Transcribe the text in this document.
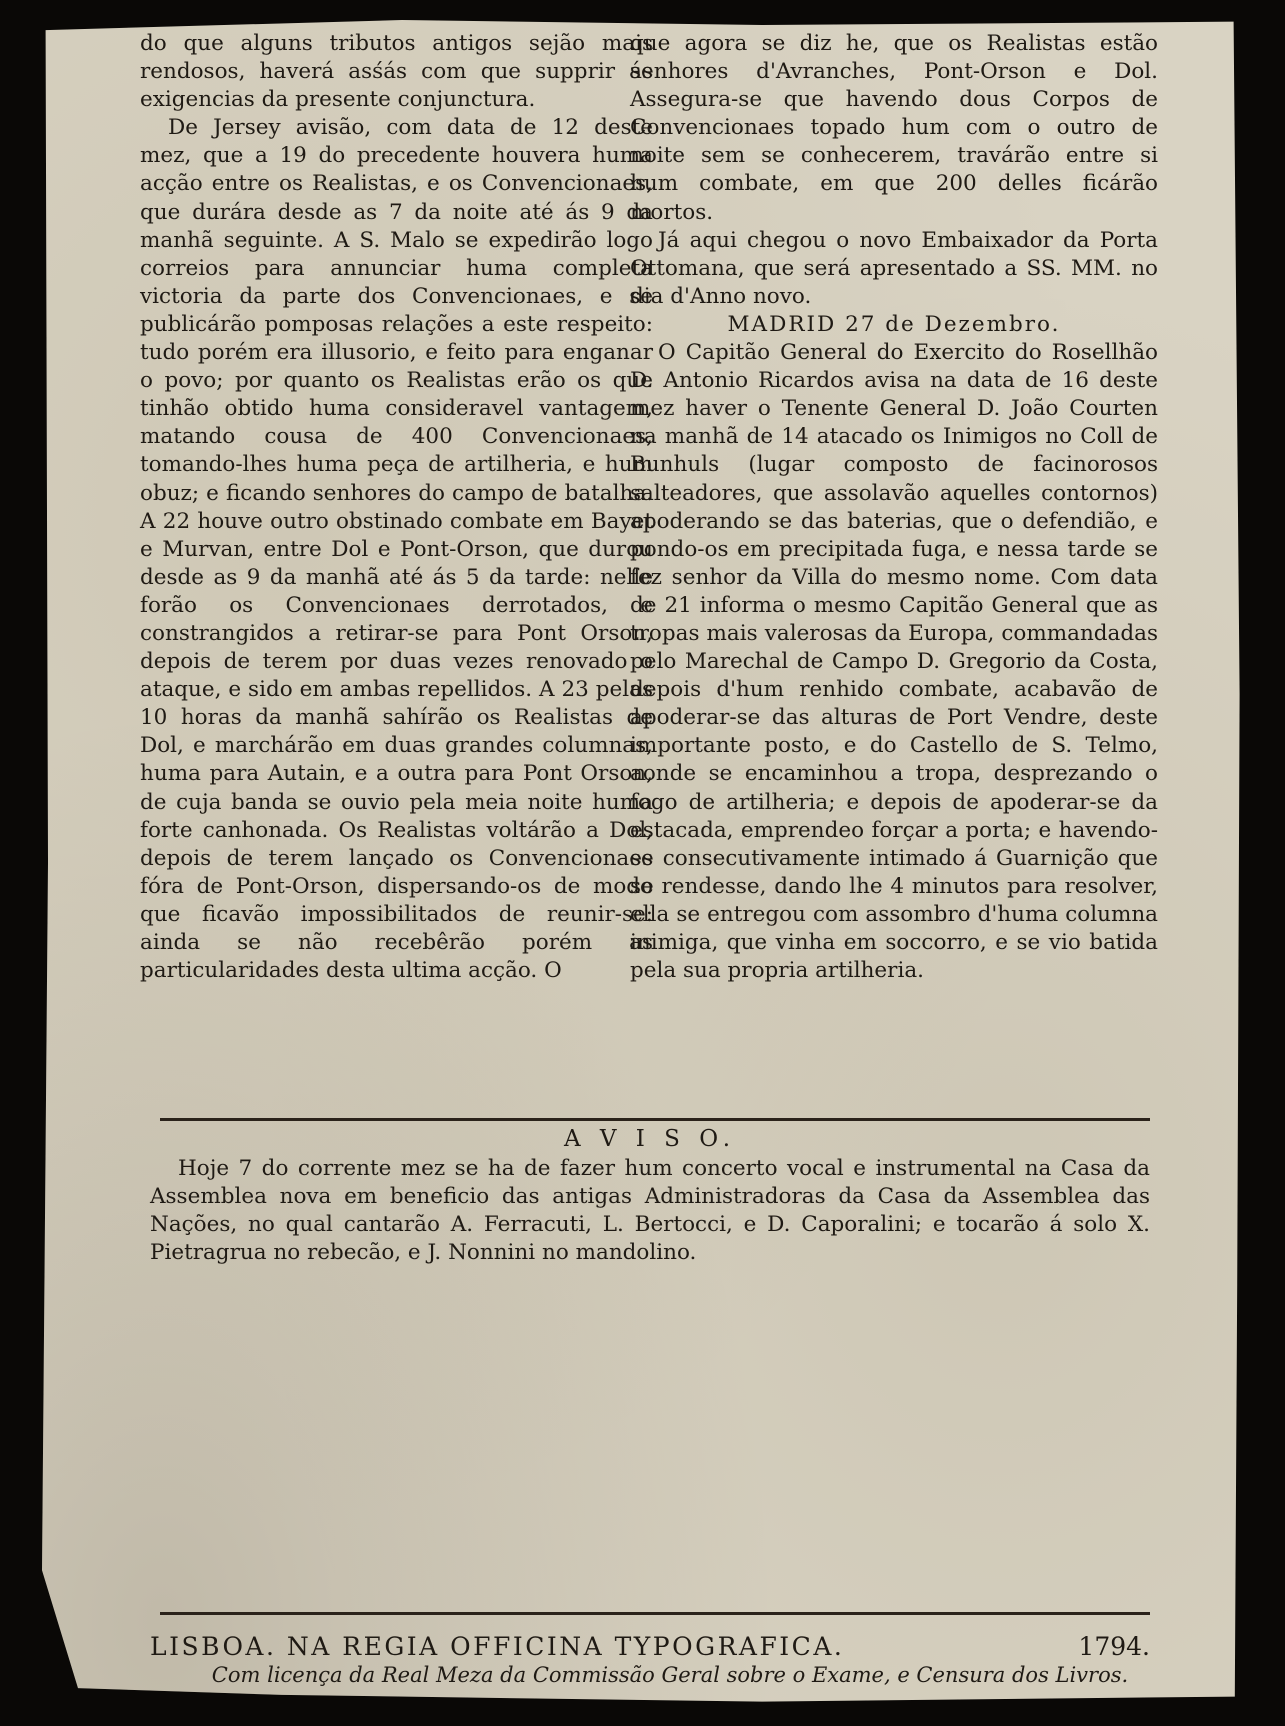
do que alguns tributos antigos sejão mais rendosos, haverá asśás com que supprir ás exigencias da presente conjunctura.

De Jersey avisão, com data de 12 deste mez, que a 19 do precedente houvera huma acção entre os Realistas, e os Convencionaes, que durára desde as 7 da noite até ás 9 da manhã seguinte. A S. Malo se expedirão logo correios para annunciar huma completa victoria da parte dos Convencionaes, e se publicárão pomposas relações a este respeito: tudo porém era illusorio, e feito para enganar o povo; por quanto os Realistas erão os que tinhão obtido huma consideravel vantagem, matando cousa de 400 Convencionaes, tomando-lhes huma peça de artilheria, e hum obuz; e ficando senhores do campo de batalha. A 22 houve outro obstinado combate em Bayet e Murvan, entre Dol e Pont-Orson, que durou desde as 9 da manhã até ás 5 da tarde: nelle forão os Convencionaes derrotados, e constrangidos a retirar-se para Pont Orson, depois de terem por duas vezes renovado o ataque, e sido em ambas repellidos. A 23 pelas 10 horas da manhã sahírão os Realistas de Dol, e marchárão em duas grandes columnas, huma para Autain, e a outra para Pont Orson, de cuja banda se ouvio pela meia noite huma forte canhonada. Os Realistas voltárão a Dol, depois de terem lançado os Convencionaes fóra de Pont-Orson, dispersando-os de modo que ficavão impossibilitados de reunir-se: ainda se não recebêrão porém as particularidades desta ultima acção. O

que agora se diz he, que os Realistas estão senhores d'Avranches, Pont-Orson e Dol. Assegura-se que havendo dous Corpos de Convencionaes topado hum com o outro de noite sem se conhecerem, travárão entre si hum combate, em que 200 delles ficárão mortos.

Já aqui chegou o novo Embaixador da Porta Ottomana, que será apresentado a SS. MM. no dia d'Anno novo.

MADRID 27 de Dezembro.

O Capitão General do Exercito do Rosellhão D. Antonio Ricardos avisa na data de 16 deste mez haver o Tenente General D. João Courten na manhã de 14 atacado os Inimigos no Coll de Bunhuls (lugar composto de facinorosos salteadores, que assolavão aquelles contornos) apoderando se das baterias, que o defendião, e pondo-os em precipitada fuga, e nessa tarde se fez senhor da Villa do mesmo nome. Com data de 21 informa o mesmo Capitão General que as tropas mais valerosas da Europa, commandadas pelo Marechal de Campo D. Gregorio da Costa, depois d'hum renhido combate, acabavão de apoderar-se das alturas de Port Vendre, deste importante posto, e do Castello de S. Telmo, aonde se encaminhou a tropa, desprezando o fogo de artilheria; e depois de apoderar-se da estacada, emprendeo forçar a porta; e havendo-se consecutivamente intimado á Guarnição que se rendesse, dando lhe 4 minutos para resolver, ella se entregou com assombro d'huma columna inimiga, que vinha em soccorro, e se vio batida pela sua propria artilheria.

A V I S O.

Hoje 7 do corrente mez se ha de fazer hum concerto vocal e instrumental na Casa da Assemblea nova em beneficio das antigas Administradoras da Casa da Assemblea das Nações, no qual cantarão A. Ferracuti, L. Bertocci, e D. Caporalini; e tocarão á solo X. Pietragrua no rebecão, e J. Nonnini no mandolino.

LISBOA. NA REGIA OFFICINA TYPOGRAFICA.	1794.
Com licença da Real Meza da Commissão Geral sobre o Exame, e Censura dos Livros.
